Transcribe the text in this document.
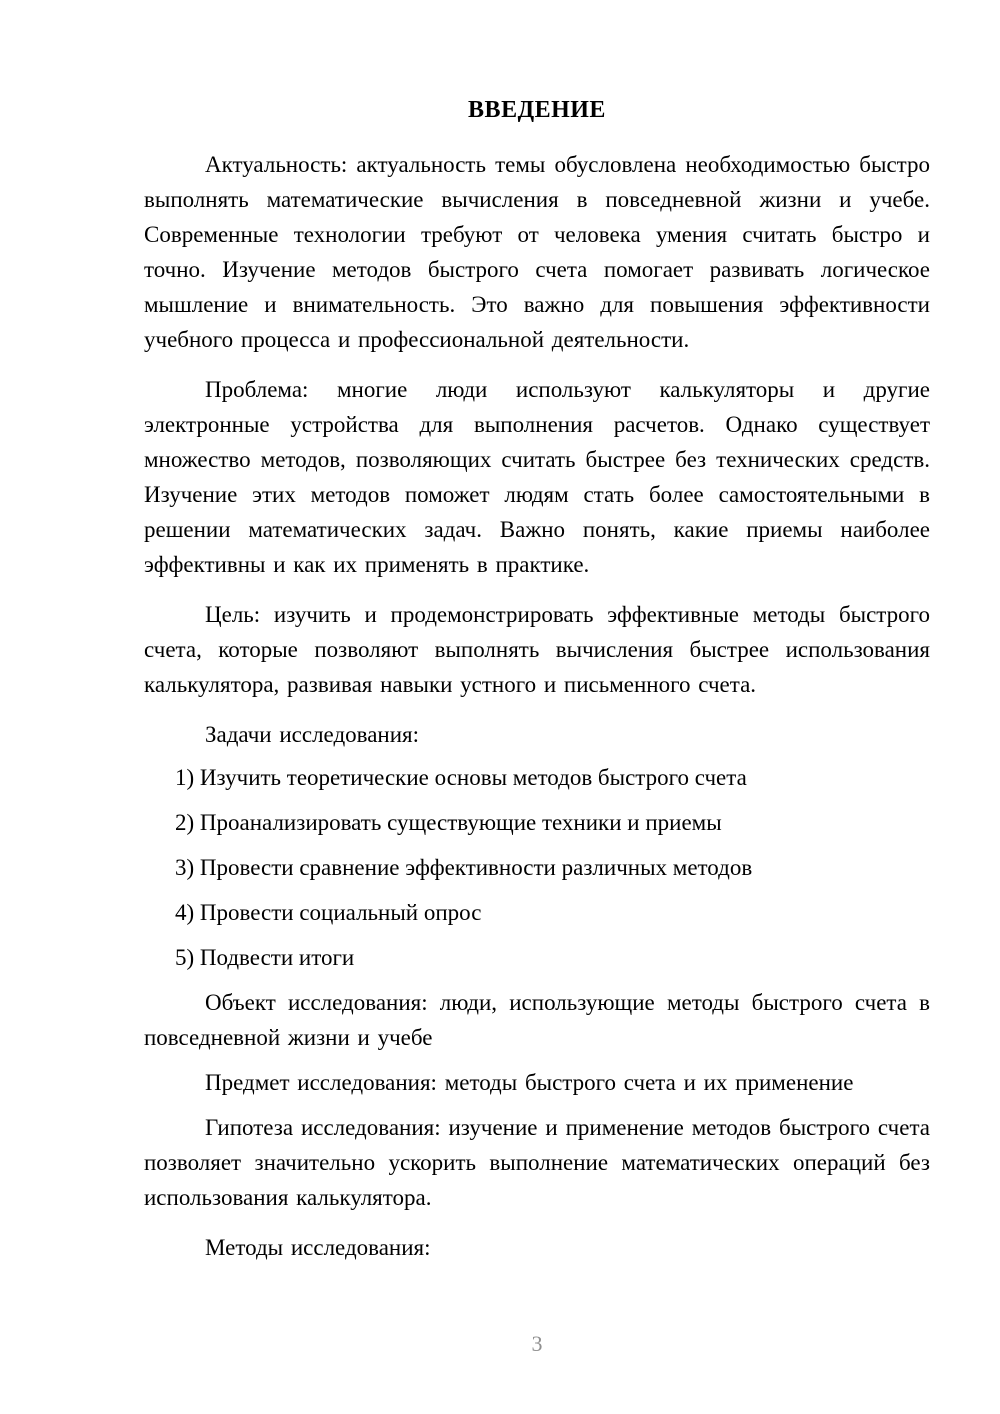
ВВЕДЕНИЕ

Актуальность: актуальность темы обусловлена необходимостью быстро выполнять математические вычисления в повседневной жизни и учебе. Современные технологии требуют от человека умения считать быстро и точно. Изучение методов быстрого счета помогает развивать логическое мышление и внимательность. Это важно для повышения эффективности учебного процесса и профессиональной деятельности.

Проблема: многие люди используют калькуляторы и другие электронные устройства для выполнения расчетов. Однако существует множество методов, позволяющих считать быстрее без технических средств. Изучение этих методов поможет людям стать более самостоятельными в решении математических задач. Важно понять, какие приемы наиболее эффективны и как их применять в практике.

Цель: изучить и продемонстрировать эффективные методы быстрого счета, которые позволяют выполнять вычисления быстрее использования калькулятора, развивая навыки устного и письменного счета.

Задачи исследования:

1) Изучить теоретические основы методов быстрого счета
2) Проанализировать существующие техники и приемы
3) Провести сравнение эффективности различных методов
4) Провести социальный опрос
5) Подвести итоги

Объект исследования: люди, использующие методы быстрого счета в повседневной жизни и учебе

Предмет исследования: методы быстрого счета и их применение

Гипотеза исследования: изучение и применение методов быстрого счета позволяет значительно ускорить выполнение математических операций без использования калькулятора.

Методы исследования:

3
